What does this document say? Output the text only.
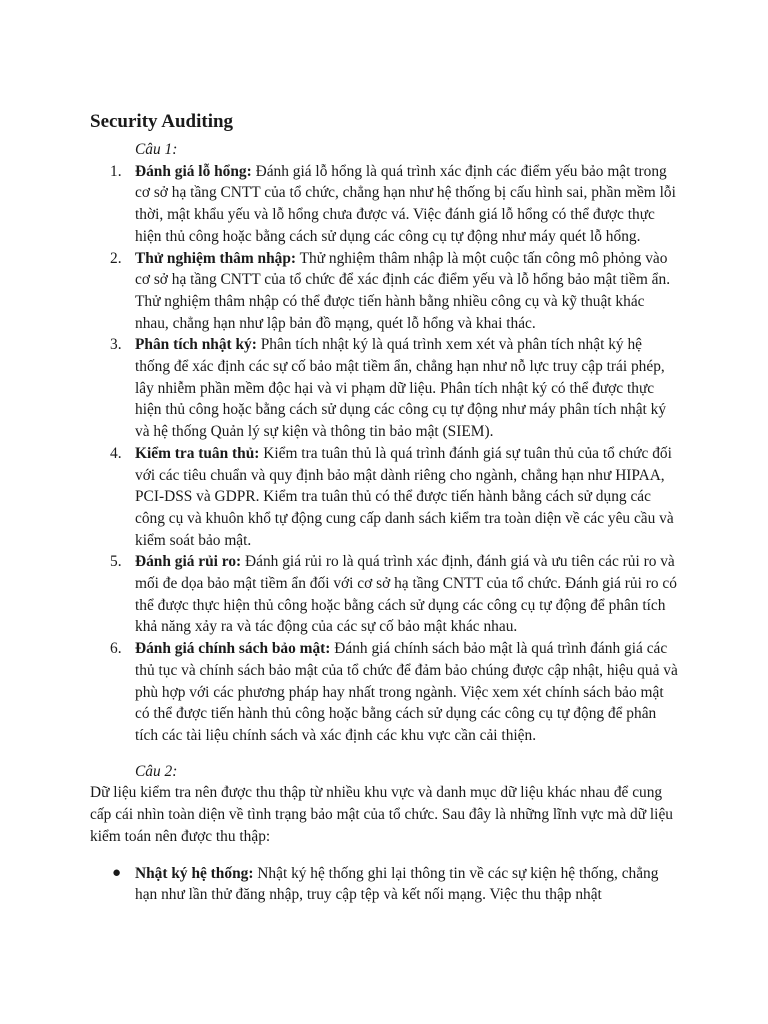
Security Auditing
Câu 1:
1. Đánh giá lỗ hổng: Đánh giá lỗ hổng là quá trình xác định các điểm yếu bảo mật trong cơ sở hạ tầng CNTT của tổ chức, chẳng hạn như hệ thống bị cấu hình sai, phần mềm lỗi thời, mật khẩu yếu và lỗ hổng chưa được vá. Việc đánh giá lỗ hổng có thể được thực hiện thủ công hoặc bằng cách sử dụng các công cụ tự động như máy quét lỗ hổng.
2. Thử nghiệm thâm nhập: Thử nghiệm thâm nhập là một cuộc tấn công mô phỏng vào cơ sở hạ tầng CNTT của tổ chức để xác định các điểm yếu và lỗ hổng bảo mật tiềm ẩn. Thử nghiệm thâm nhập có thể được tiến hành bằng nhiều công cụ và kỹ thuật khác nhau, chẳng hạn như lập bản đồ mạng, quét lỗ hổng và khai thác.
3. Phân tích nhật ký: Phân tích nhật ký là quá trình xem xét và phân tích nhật ký hệ thống để xác định các sự cố bảo mật tiềm ẩn, chẳng hạn như nỗ lực truy cập trái phép, lây nhiễm phần mềm độc hại và vi phạm dữ liệu. Phân tích nhật ký có thể được thực hiện thủ công hoặc bằng cách sử dụng các công cụ tự động như máy phân tích nhật ký và hệ thống Quản lý sự kiện và thông tin bảo mật (SIEM).
4. Kiểm tra tuân thủ: Kiểm tra tuân thủ là quá trình đánh giá sự tuân thủ của tổ chức đối với các tiêu chuẩn và quy định bảo mật dành riêng cho ngành, chẳng hạn như HIPAA, PCI-DSS và GDPR. Kiểm tra tuân thủ có thể được tiến hành bằng cách sử dụng các công cụ và khuôn khổ tự động cung cấp danh sách kiểm tra toàn diện về các yêu cầu và kiểm soát bảo mật.
5. Đánh giá rủi ro: Đánh giá rủi ro là quá trình xác định, đánh giá và ưu tiên các rủi ro và mối đe dọa bảo mật tiềm ẩn đối với cơ sở hạ tầng CNTT của tổ chức. Đánh giá rủi ro có thể được thực hiện thủ công hoặc bằng cách sử dụng các công cụ tự động để phân tích khả năng xảy ra và tác động của các sự cố bảo mật khác nhau.
6. Đánh giá chính sách bảo mật: Đánh giá chính sách bảo mật là quá trình đánh giá các thủ tục và chính sách bảo mật của tổ chức để đảm bảo chúng được cập nhật, hiệu quả và phù hợp với các phương pháp hay nhất trong ngành. Việc xem xét chính sách bảo mật có thể được tiến hành thủ công hoặc bằng cách sử dụng các công cụ tự động để phân tích các tài liệu chính sách và xác định các khu vực cần cải thiện.
Câu 2:

Dữ liệu kiểm tra nên được thu thập từ nhiều khu vực và danh mục dữ liệu khác nhau để cung cấp cái nhìn toàn diện về tình trạng bảo mật của tổ chức. Sau đây là những lĩnh vực mà dữ liệu kiểm toán nên được thu thập:

● Nhật ký hệ thống: Nhật ký hệ thống ghi lại thông tin về các sự kiện hệ thống, chẳng hạn như lần thử đăng nhập, truy cập tệp và kết nối mạng. Việc thu thập nhật
